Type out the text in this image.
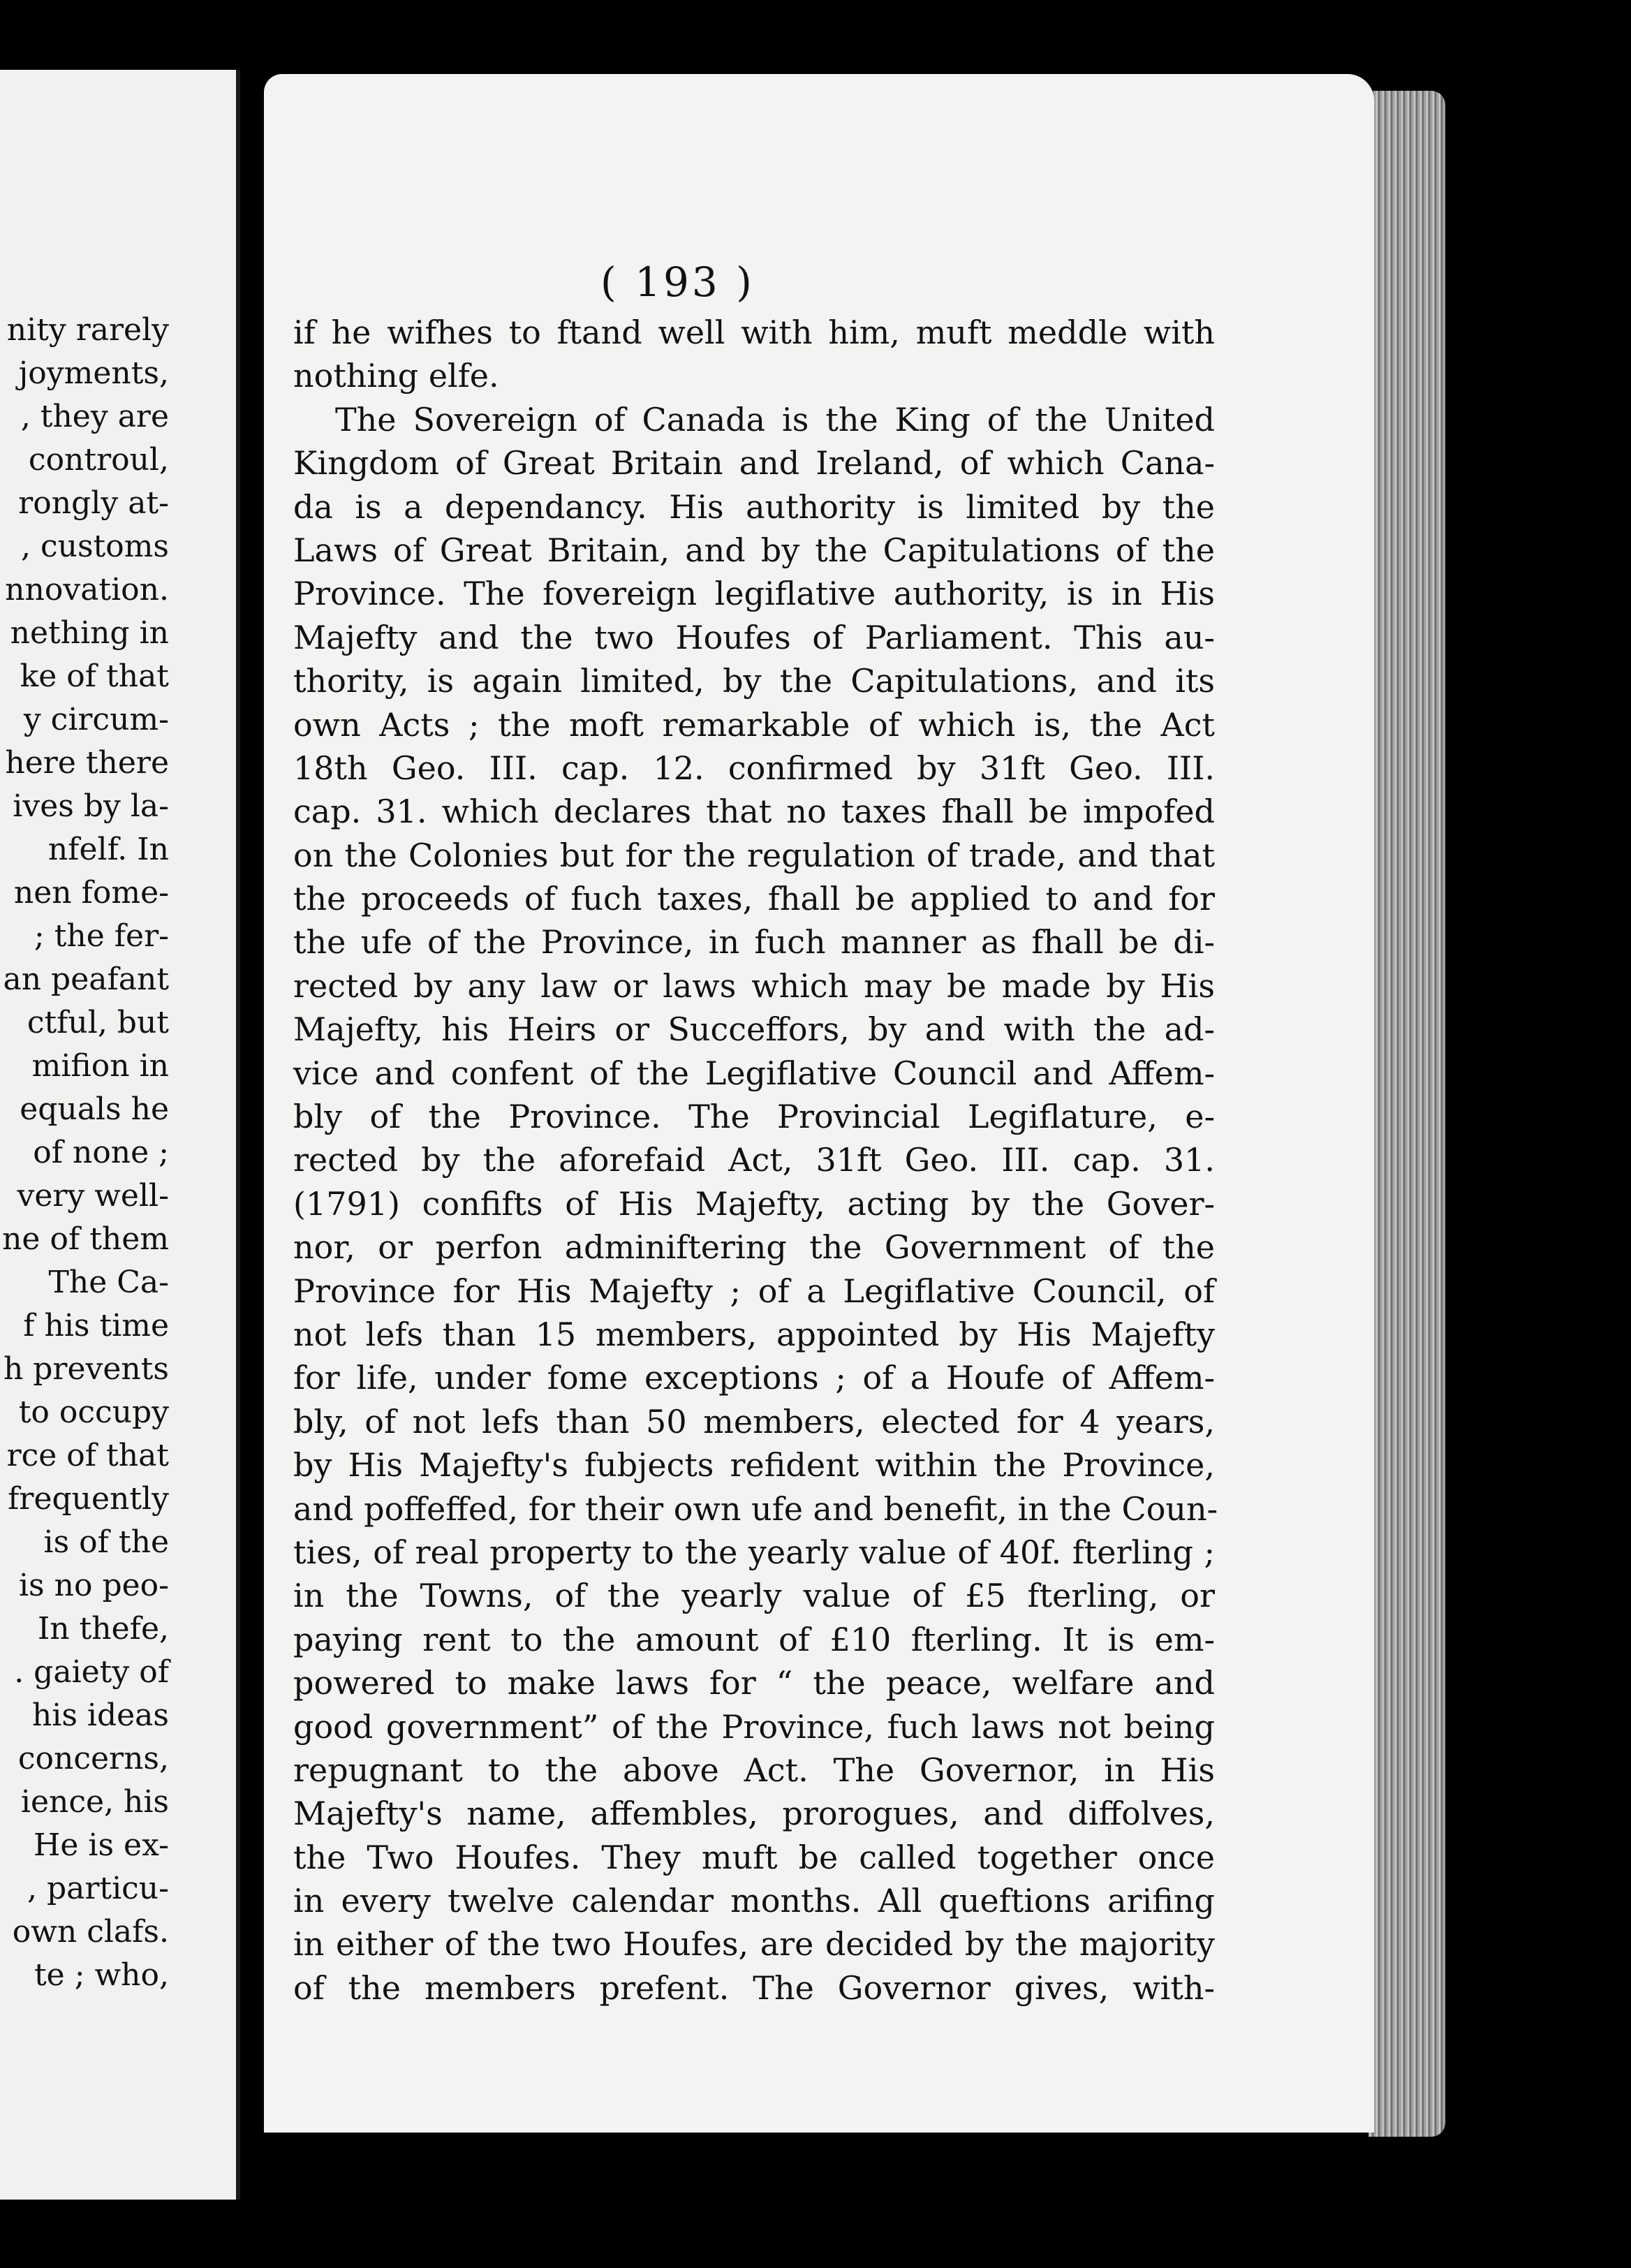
nity rarely
joyments,
, they are
controul,
rongly at-
, customs
nnovation.
nething in
ke of that
y circum-
here there
ives by la-
nfelf. In
nen fome-
; the fer-
an peafant
ctful, but
mifion in
equals he
of none ;
very well-
ne of them
The Ca-
f his time
h prevents
to occupy
rce of that
frequently
is of the
is no peo-
In thefe,
. gaiety of
his ideas
concerns,
ience, his
He is ex-
, particu-
own clafs.
te ; who,
( 193 )
if he wifhes to ftand well with him, muft meddle with
nothing elfe.
The Sovereign of Canada is the King of the United
Kingdom of Great Britain and Ireland, of which Cana-
da is a dependancy. His authority is limited by the
Laws of Great Britain, and by the Capitulations of the
Province. The fovereign legiflative authority, is in His
Majefty and the two Houfes of Parliament. This au-
thority, is again limited, by the Capitulations, and its
own Acts ; the moft remarkable of which is, the Act
18th Geo. III. cap. 12. confirmed by 31ft Geo. III.
cap. 31. which declares that no taxes fhall be impofed
on the Colonies but for the regulation of trade, and that
the proceeds of fuch taxes, fhall be applied to and for
the ufe of the Province, in fuch manner as fhall be di-
rected by any law or laws which may be made by His
Majefty, his Heirs or Succeffors, by and with the ad-
vice and confent of the Legiflative Council and Affem-
bly of the Province. The Provincial Legiflature, e-
rected by the aforefaid Act, 31ft Geo. III. cap. 31.
(1791) confifts of His Majefty, acting by the Gover-
nor, or perfon adminiftering the Government of the
Province for His Majefty ; of a Legiflative Council, of
not lefs than 15 members, appointed by His Majefty
for life, under fome exceptions ; of a Houfe of Affem-
bly, of not lefs than 50 members, elected for 4 years,
by His Majefty's fubjects refident within the Province,
and poffeffed, for their own ufe and benefit, in the Coun-
ties, of real property to the yearly value of 40f. fterling ;
in the Towns, of the yearly value of £5 fterling, or
paying rent to the amount of £10 fterling. It is em-
powered to make laws for “ the peace, welfare and
good government” of the Province, fuch laws not being
repugnant to the above Act. The Governor, in His
Majefty's name, affembles, prorogues, and diffolves,
the Two Houfes. They muft be called together once
in every twelve calendar months. All queftions arifing
in either of the two Houfes, are decided by the majority
of the members prefent. The Governor gives, with-
